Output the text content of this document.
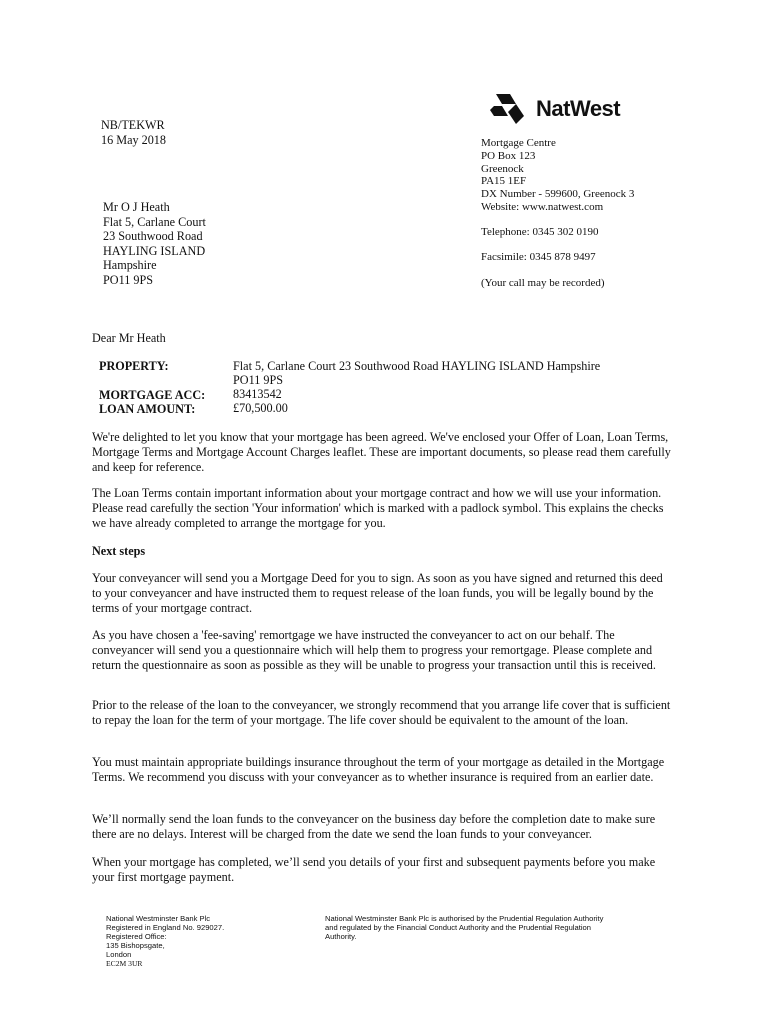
NB/TEKWR
16 May 2018
NatWest
Mortgage Centre
PO Box 123
Greenock
PA15 1EF
DX Number - 599600, Greenock 3
Website: www.natwest.com
Telephone: 0345 302 0190
Facsimile: 0345 878 9497
(Your call may be recorded)
Mr O J Heath
Flat 5, Carlane Court
23 Southwood Road
HAYLING ISLAND
Hampshire
PO11 9PS
Dear Mr Heath
PROPERTY:	Flat 5, Carlane Court 23 Southwood Road HAYLING ISLAND Hampshire
PO11 9PS
MORTGAGE ACC: 83413542
LOAN AMOUNT:	£70,500.00

We're delighted to let you know that your mortgage has been agreed. We've enclosed your Offer of Loan, Loan Terms, Mortgage Terms and Mortgage Account Charges leaflet. These are important documents, so please read them carefully and keep for reference.

The Loan Terms contain important information about your mortgage contract and how we will use your information. Please read carefully the section 'Your information' which is marked with a padlock symbol. This explains the checks we have already completed to arrange the mortgage for you.

Next steps

Your conveyancer will send you a Mortgage Deed for you to sign. As soon as you have signed and returned this deed to your conveyancer and have instructed them to request release of the loan funds, you will be legally bound by the terms of your mortgage contract.

As you have chosen a 'fee-saving' remortgage we have instructed the conveyancer to act on our behalf. The conveyancer will send you a questionnaire which will help them to progress your remortgage. Please complete and return the questionnaire as soon as possible as they will be unable to progress your transaction until this is received.

Prior to the release of the loan to the conveyancer, we strongly recommend that you arrange life cover that is sufficient to repay the loan for the term of your mortgage. The life cover should be equivalent to the amount of the loan.

You must maintain appropriate buildings insurance throughout the term of your mortgage as detailed in the Mortgage Terms. We recommend you discuss with your conveyancer as to whether insurance is required from an earlier date.

We’ll normally send the loan funds to the conveyancer on the business day before the completion date to make sure there are no delays. Interest will be charged from the date we send the loan funds to your conveyancer.

When your mortgage has completed, we’ll send you details of your first and subsequent payments before you make your first mortgage payment.

National Westminster Bank Plc
Registered in England No. 929027.
Registered Office:
135 Bishopsgate,
London
EC2M 3UR
National Westminster Bank Plc is authorised by the Prudential Regulation Authority
and regulated by the Financial Conduct Authority and the Prudential Regulation
Authority.
